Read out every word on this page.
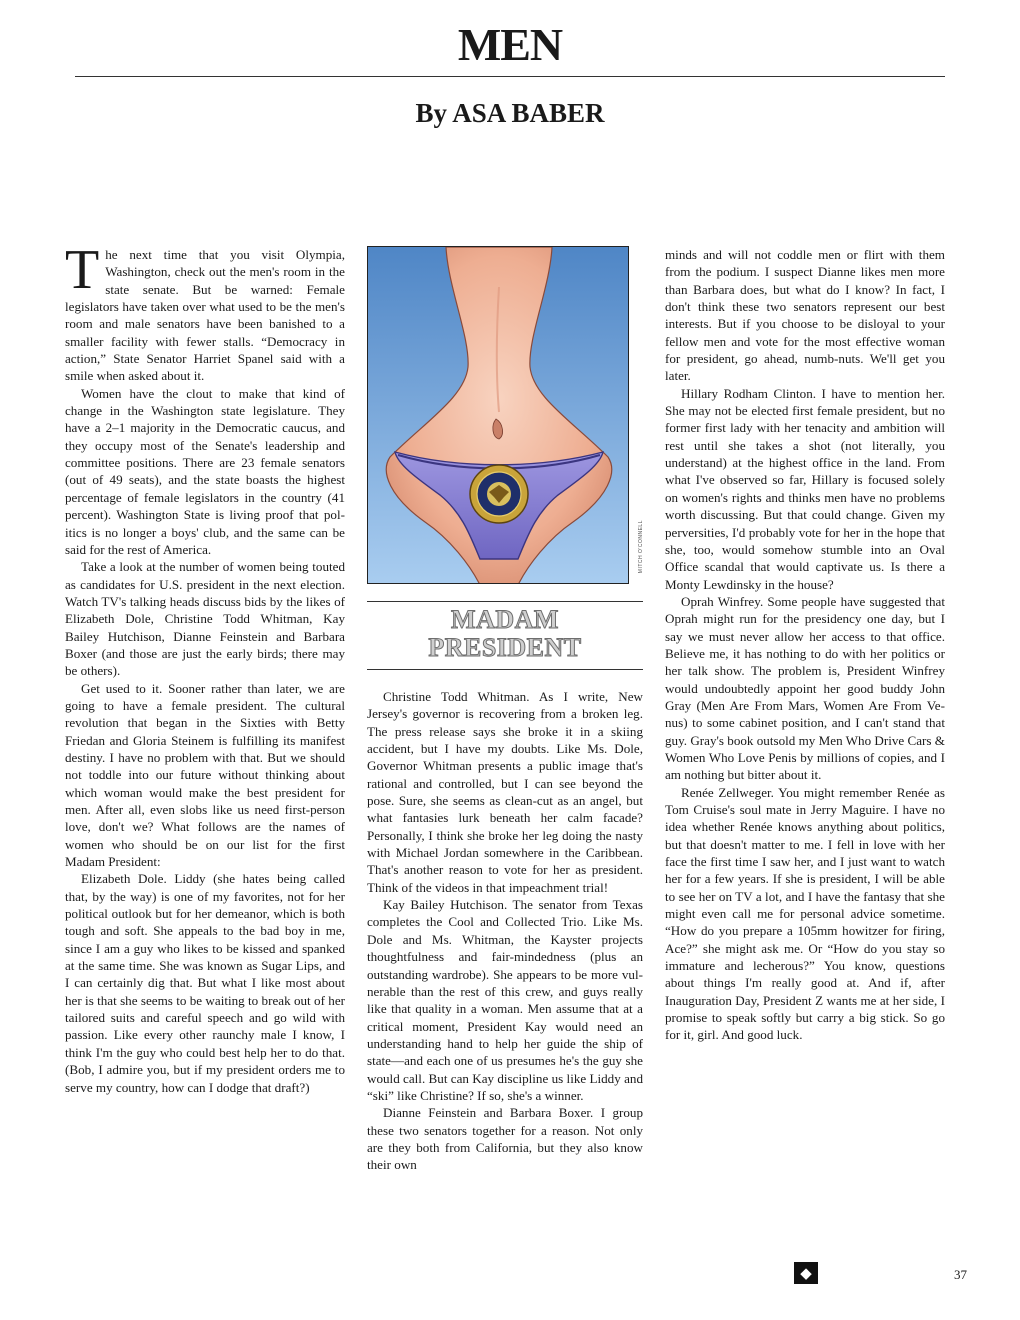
MEN
By ASA BABER

The next time that you visit Olympia, Washington, check out the men's room in the state senate. But be warned: Female legislators have taken over what used to be the men's room and male senators have been banished to a smaller facility with fewer stalls. “Democracy in action,” State Senator Harriet Spanel said with a smile when asked about it.

Women have the clout to make that kind of change in the Washington state legislature. They have a 2–1 majority in the Democratic caucus, and they occupy most of the Senate's leadership and committee positions. There are 23 female senators (out of 49 seats), and the state boasts the highest percentage of female legislators in the country (41 percent). Washington State is living proof that politics is no longer a boys' club, and the same can be said for the rest of America.

Take a look at the number of women being touted as candidates for U.S. president in the next election. Watch TV's talking heads discuss bids by the likes of Elizabeth Dole, Christine Todd Whitman, Kay Bailey Hutchison, Dianne Feinstein and Barbara Boxer (and those are just the early birds; there may be others).

Get used to it. Sooner rather than later, we are going to have a female president. The cultural revolution that began in the Sixties with Betty Friedan and Gloria Steinem is fulfilling its manifest destiny. I have no problem with that. But we should not toddle into our future without thinking about which woman would make the best president for men. After all, even slobs like us need first-person love, don't we? What follows are the names of women who should be on our list for the first Madam President:

Elizabeth Dole. Liddy (she hates being called that, by the way) is one of my favorites, not for her political outlook but for her demeanor, which is both tough and soft. She appeals to the bad boy in me, since I am a guy who likes to be kissed and spanked at the same time. She was known as Sugar Lips, and I can certainly dig that. But what I like most about her is that she seems to be waiting to break out of her tailored suits and careful speech and go wild with passion. Like every other raunchy male I know, I think I'm the guy who could best help her to do that. (Bob, I admire you, but if my president orders me to serve my country, how can I dodge that draft?)

MITCH O'CONNELL
MADAM
PRESIDENT

Christine Todd Whitman. As I write, New Jersey's governor is recovering from a broken leg. The press release says she broke it in a skiing accident, but I have my doubts. Like Ms. Dole, Governor Whitman presents a public image that's rational and controlled, but I can see beyond the pose. Sure, she seems as clean-cut as an angel, but what fantasies lurk beneath her calm facade? Personally, I think she broke her leg doing the nasty with Michael Jordan somewhere in the Caribbean. That's another reason to vote for her as president. Think of the videos in that impeachment trial!

Kay Bailey Hutchison. The senator from Texas completes the Cool and Collected Trio. Like Ms. Dole and Ms. Whitman, the Kayster projects thoughtfulness and fair-mindedness (plus an outstanding wardrobe). She appears to be more vulnerable than the rest of this crew, and guys really like that quality in a woman. Men assume that at a critical moment, President Kay would need an understanding hand to help her guide the ship of state—and each one of us presumes he's the guy she would call. But can Kay discipline us like Liddy and “ski” like Christine? If so, she's a winner.

Dianne Feinstein and Barbara Boxer. I group these two senators together for a reason. Not only are they both from California, but they also know their own

minds and will not coddle men or flirt with them from the podium. I suspect Dianne likes men more than Barbara does, but what do I know? In fact, I don't think these two senators represent our best interests. But if you choose to be disloyal to your fellow men and vote for the most effective woman for president, go ahead, numb-nuts. We'll get you later.

Hillary Rodham Clinton. I have to mention her. She may not be elected first female president, but no former first lady with her tenacity and ambition will rest until she takes a shot (not literally, you understand) at the highest office in the land. From what I've observed so far, Hillary is focused solely on women's rights and thinks men have no problems worth discussing. But that could change. Given my perversities, I'd probably vote for her in the hope that she, too, would somehow stumble into an Oval Office scandal that would captivate us. Is there a Monty Lewdinsky in the house?

Oprah Winfrey. Some people have suggested that Oprah might run for the presidency one day, but I say we must never allow her access to that office. Believe me, it has nothing to do with her politics or her talk show. The problem is, President Winfrey would undoubtedly appoint her good buddy John Gray (Men Are From Mars, Women Are From Venus) to some cabinet position, and I can't stand that guy. Gray's book outsold my Men Who Drive Cars & Women Who Love Penis by millions of copies, and I am nothing but bitter about it.

Renée Zellweger. You might remember Renée as Tom Cruise's soul mate in Jerry Maguire. I have no idea whether Renée knows anything about politics, but that doesn't matter to me. I fell in love with her face the first time I saw her, and I just want to watch her for a few years. If she is president, I will be able to see her on TV a lot, and I have the fantasy that she might even call me for personal advice sometime. “How do you prepare a 105mm howitzer for firing, Ace?” she might ask me. Or “How do you stay so immature and lecherous?” You know, questions about things I'm really good at. And if, after Inauguration Day, President Z wants me at her side, I promise to speak softly but carry a big stick. So go for it, girl. And good luck.

◆	37
